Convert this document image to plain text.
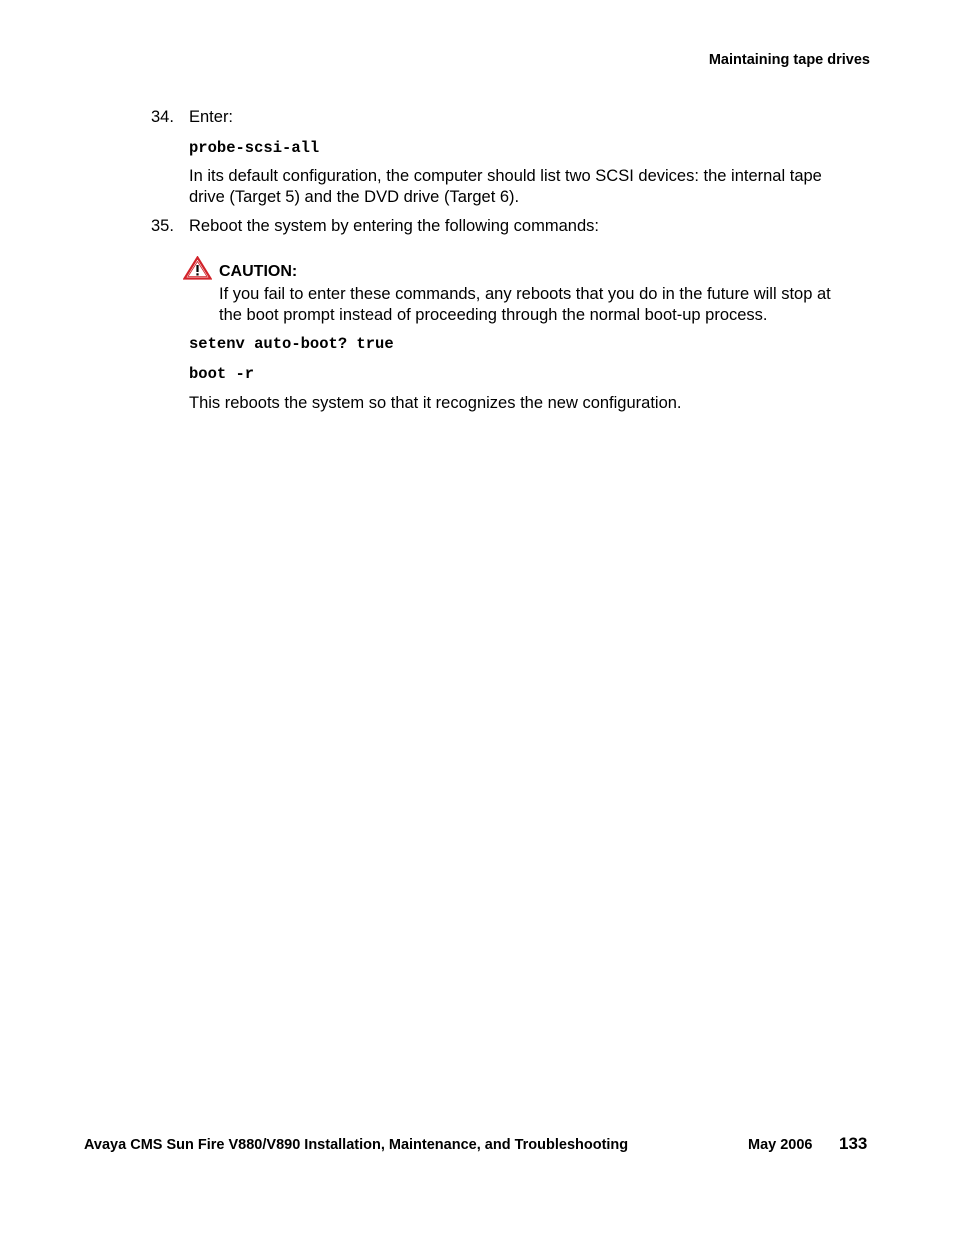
Maintaining tape drives
34. Enter:
probe-scsi-all
In its default configuration, the computer should list two SCSI devices: the internal tape drive (Target 5) and the DVD drive (Target 6).
35. Reboot the system by entering the following commands:
CAUTION:
If you fail to enter these commands, any reboots that you do in the future will stop at the boot prompt instead of proceeding through the normal boot-up process.
setenv auto-boot? true
boot -r
This reboots the system so that it recognizes the new configuration.
Avaya CMS Sun Fire V880/V890 Installation, Maintenance, and Troubleshooting	May 2006 133
